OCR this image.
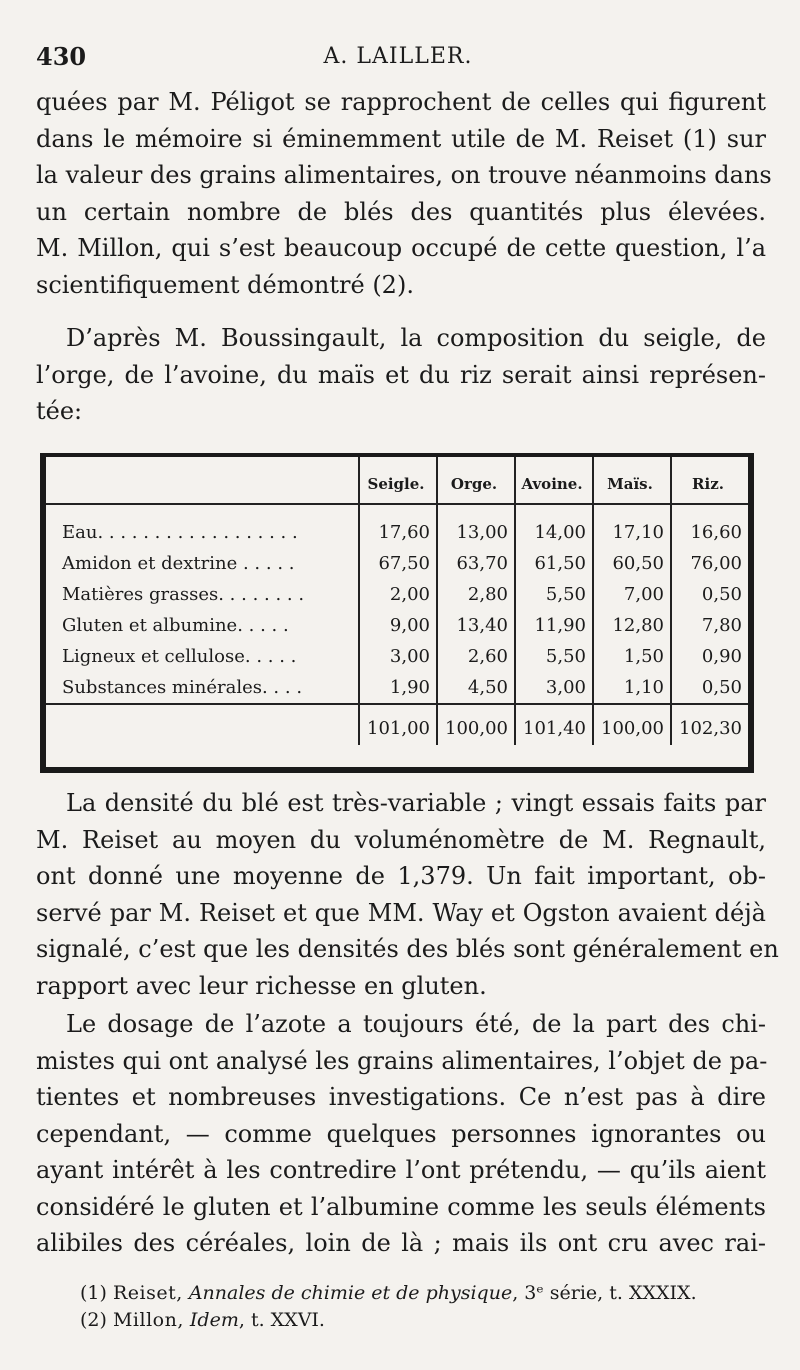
430	A. LAILLER.
quées par M. Péligot se rapprochent de celles qui figurent
dans le mémoire si éminemment utile de M. Reiset (1) sur
la valeur des grains alimentaires, on trouve néanmoins dans
un certain nombre de blés des quantités plus élevées.
M. Millon, qui s’est beaucoup occupé de cette question, l’a
scientifiquement démontré (2).
D’après M. Boussingault, la composition du seigle, de
l’orge, de l’avoine, du maïs et du riz serait ainsi représen-
tée:
	Seigle.	Orge.	Avoine.	Maïs.	Riz.
Eau. . . . . . . . . . . . . . . . . .	17,60	13,00	14,00	17,10	16,60
Amidon et dextrine . . . . .	67,50	63,70	61,50	60,50	76,00
Matières grasses. . . . . . . .	2,00	2,80	5,50	7,00	0,50
Gluten et albumine. . . . .	9,00	13,40	11,90	12,80	7,80
Ligneux et cellulose. . . . .	3,00	2,60	5,50	1,50	0,90
Substances minérales. . . .	1,90	4,50	3,00	1,10	0,50
	101,00	100,00	101,40	100,00	102,30
La densité du blé est très-variable ; vingt essais faits par
M. Reiset au moyen du voluménomètre de M. Regnault,
ont donné une moyenne de 1,379. Un fait important, ob-
servé par M. Reiset et que MM. Way et Ogston avaient déjà
signalé, c’est que les densités des blés sont généralement en
rapport avec leur richesse en gluten.
Le dosage de l’azote a toujours été, de la part des chi-
mistes qui ont analysé les grains alimentaires, l’objet de pa-
tientes et nombreuses investigations. Ce n’est pas à dire
cependant, — comme quelques personnes ignorantes ou
ayant intérêt à les contredire l’ont prétendu, — qu’ils aient
considéré le gluten et l’albumine comme les seuls éléments
alibiles des céréales, loin de là ; mais ils ont cru avec rai-
(1) Reiset, Annales de chimie et de physique, 3ᵉ série, t. XXXIX.
(2) Millon, Idem, t. XXVI.
